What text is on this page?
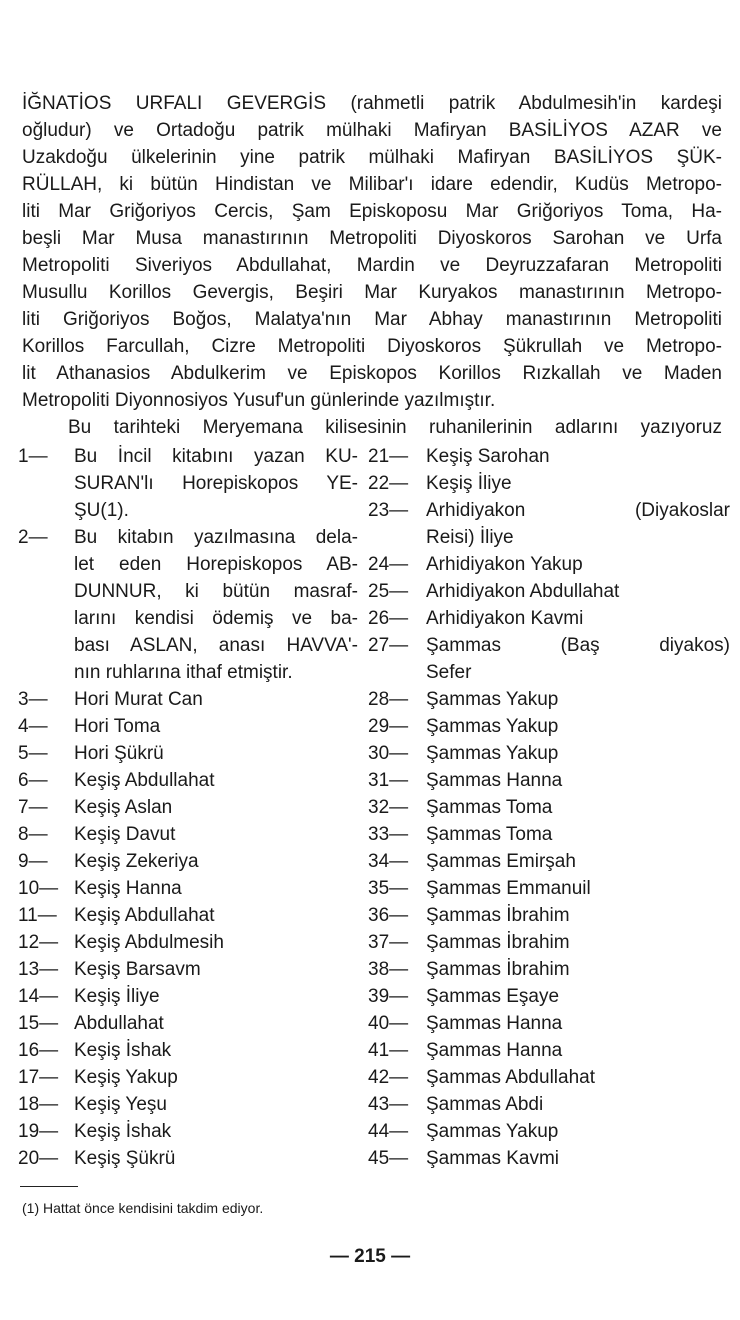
İĞNATİOS URFALI GEVERGİS (rahmetli patrik Abdulmesih'in kardeşi
oğludur) ve Ortadoğu patrik mülhaki Mafiryan BASİLİYOS AZAR ve
Uzakdoğu ülkelerinin yine patrik mülhaki Mafiryan BASİLİYOS ŞÜK-
RÜLLAH, ki bütün Hindistan ve Milibar'ı idare edendir, Kudüs Metropo-
liti Mar Griğoriyos Cercis, Şam Episkoposu Mar Griğoriyos Toma, Ha-
beşli Mar Musa manastırının Metropoliti Diyoskoros Sarohan ve Urfa
Metropoliti Siveriyos Abdullahat, Mardin ve Deyruzzafaran Metropoliti
Musullu Korillos Gevergis, Beşiri Mar Kuryakos manastırının Metropo-
liti Griğoriyos Boğos, Malatya'nın Mar Abhay manastırının Metropoliti
Korillos Farcullah, Cizre Metropoliti Diyoskoros Şükrullah ve Metropo-
lit Athanasios Abdulkerim ve Episkopos Korillos Rızkallah ve Maden
Metropoliti Diyonnosiyos Yusuf'un günlerinde yazılmıştır.
Bu tarihteki Meryemana kilisesinin ruhanilerinin adlarını yazıyoruz
1—	Bu İncil kitabını yazan KU-
SURAN'lı Horepiskopos YE-
ŞU(1).
2—	Bu kitabın yazılmasına dela-
let eden Horepiskopos AB-
DUNNUR, ki bütün masraf-
larını kendisi ödemiş ve ba-
bası ASLAN, anası HAVVA'-
nın ruhlarına ithaf etmiştir.
3—	Hori Murat Can
4—	Hori Toma
5—	Hori Şükrü
6—	Keşiş Abdullahat
7—	Keşiş Aslan
8—	Keşiş Davut
9—	Keşiş Zekeriya
10— Keşiş Hanna
11— Keşiş Abdullahat
12— Keşiş Abdulmesih
13— Keşiş Barsavm
14— Keşiş İliye
15— Abdullahat
16— Keşiş İshak
17— Keşiş Yakup
18— Keşiş Yeşu
19— Keşiş İshak
20— Keşiş Şükrü
21— Keşiş Sarohan
22— Keşiş İliye
23— Arhidiyakon (Diyakoslar
Reisi) İliye
24— Arhidiyakon Yakup
25— Arhidiyakon Abdullahat
26— Arhidiyakon Kavmi
27— Şammas (Baş diyakos)
Sefer
28— Şammas Yakup
29— Şammas Yakup
30— Şammas Yakup
31— Şammas Hanna
32— Şammas Toma
33— Şammas Toma
34— Şammas Emirşah
35— Şammas Emmanuil
36— Şammas İbrahim
37— Şammas İbrahim
38— Şammas İbrahim
39— Şammas Eşaye
40— Şammas Hanna
41— Şammas Hanna
42— Şammas Abdullahat
43— Şammas Abdi
44— Şammas Yakup
45— Şammas Kavmi
(1) Hattat önce kendisini takdim ediyor.
— 215 —
